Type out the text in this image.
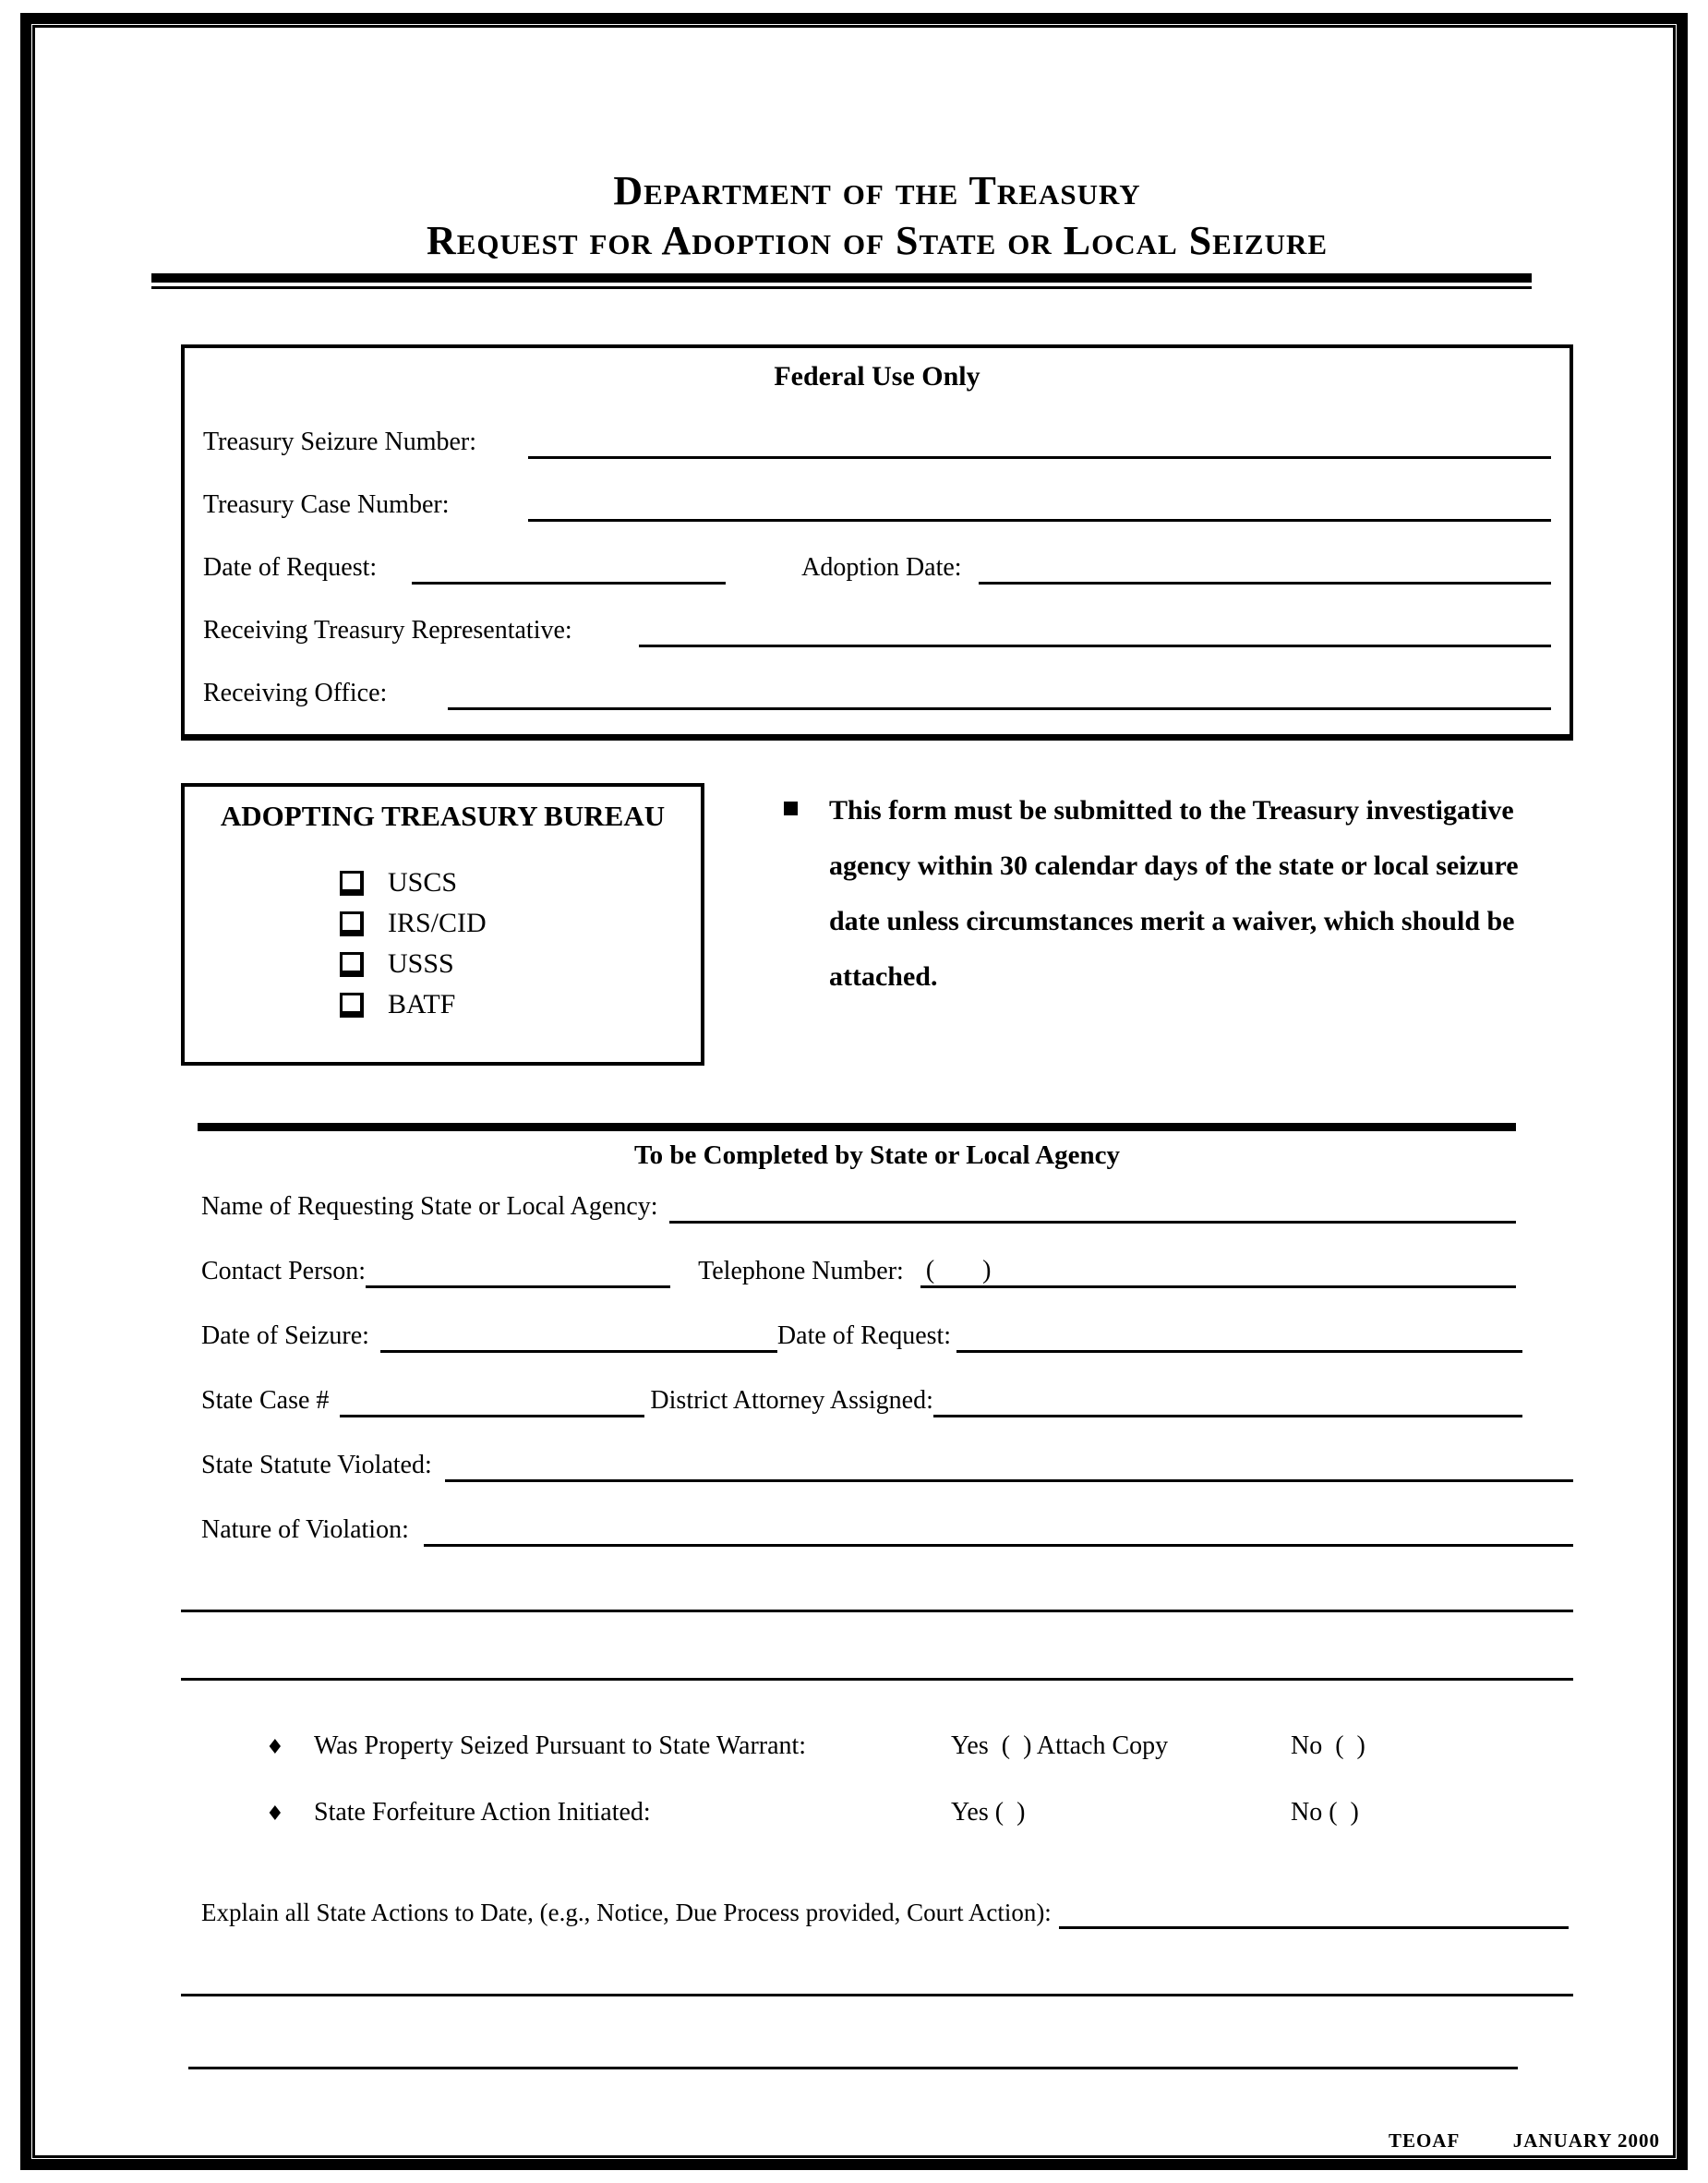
Department of the Treasury
Request for Adoption of State or Local Seizure
Federal Use Only
Treasury Seizure Number:
Treasury Case Number:
Date of Request:	Adoption Date:
Receiving Treasury Representative:
Receiving Office:
ADOPTING TREASURY BUREAU
USCS
IRS/CID
USSS
BATF
This form must be submitted to the Treasury investigative agency within 30 calendar days of the state or local seizure date unless circumstances merit a waiver, which should be attached.
To be Completed by State or Local Agency
Name of Requesting State or Local Agency:
Contact Person:	Telephone Number: ( )
Date of Seizure:	Date of Request:
State Case #	District Attorney Assigned:
State Statute Violated:
Nature of Violation:
♦	Was Property Seized Pursuant to State Warrant:	Yes  (  ) Attach Copy	No  (  )
♦	State Forfeiture Action Initiated:	Yes (  )	No (  )
Explain all State Actions to Date, (e.g., Notice, Due Process provided, Court Action):
TEOAF	JANUARY 2000
